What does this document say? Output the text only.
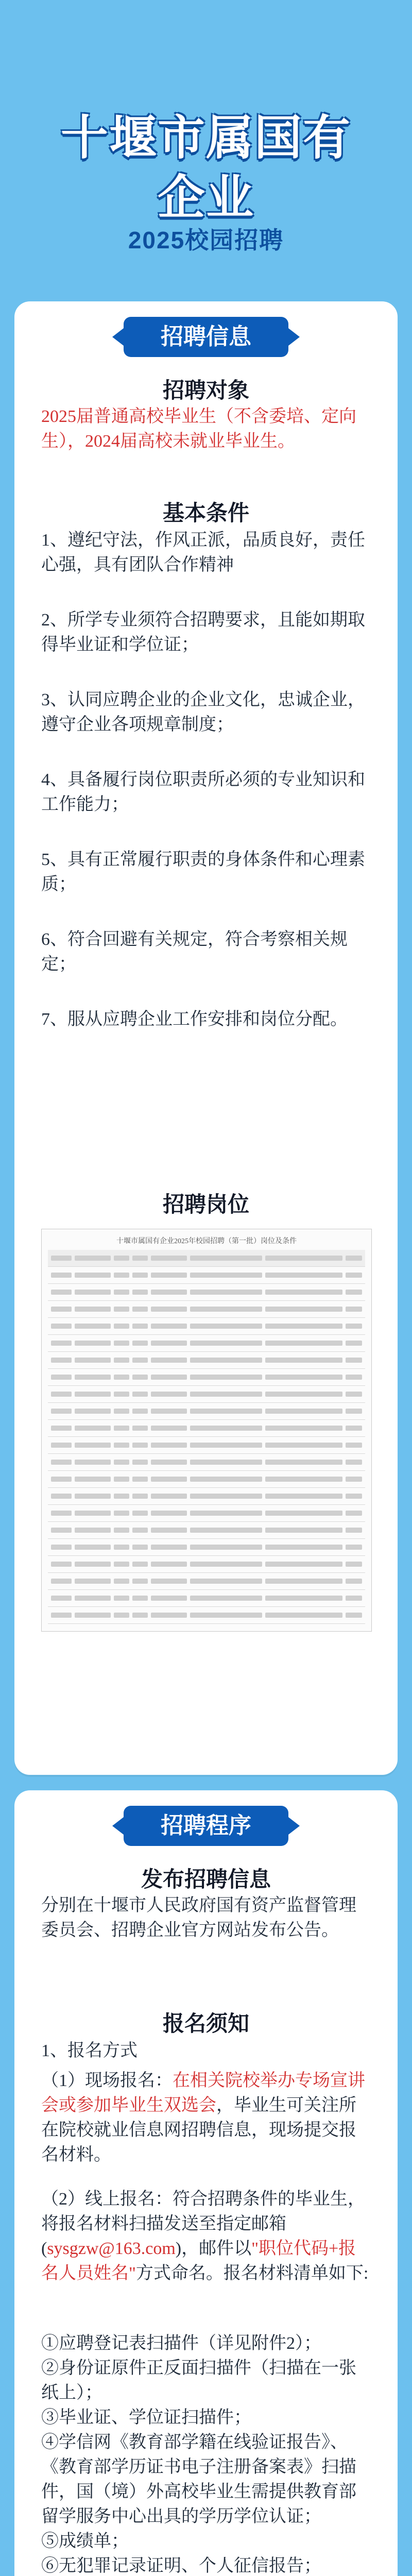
十堰市属国有
企业
2025校园招聘
招聘信息
招聘对象
2025届普通高校毕业生（不含委培、定向生），2024届高校未就业毕业生。
基本条件
1、遵纪守法，作风正派，品质良好，责任心强，具有团队合作精神
2、所学专业须符合招聘要求，且能如期取得毕业证和学位证；
3、认同应聘企业的企业文化，忠诚企业，遵守企业各项规章制度；
4、具备履行岗位职责所必须的专业知识和工作能力；
5、具有正常履行职责的身体条件和心理素质；
6、符合回避有关规定，符合考察相关规定；
7、服从应聘企业工作安排和岗位分配。
招聘岗位
十堰市属国有企业2025年校园招聘（第一批）岗位及条件
招聘程序
发布招聘信息
分别在十堰市人民政府国有资产监督管理委员会、招聘企业官方网站发布公告。
报名须知
1、报名方式
（1）现场报名：在相关院校举办专场宣讲会或参加毕业生双选会，毕业生可关注所在院校就业信息网招聘信息，现场提交报名材料。
（2）线上报名：符合招聘条件的毕业生，将报名材料扫描发送至指定邮箱(sysgzw@163.com)，邮件以"职位代码+报名人员姓名"方式命名。报名材料清单如下:
①应聘登记表扫描件（详见附件2）；
②身份证原件正反面扫描件（扫描在一张纸上）；
③毕业证、学位证扫描件；
④学信网《教育部学籍在线验证报告》、《教育部学历证书电子注册备案表》扫描件，国（境）外高校毕业生需提供教育部留学服务中心出具的学历学位认证；
⑤成绩单；
⑥无犯罪记录证明、个人征信报告；
